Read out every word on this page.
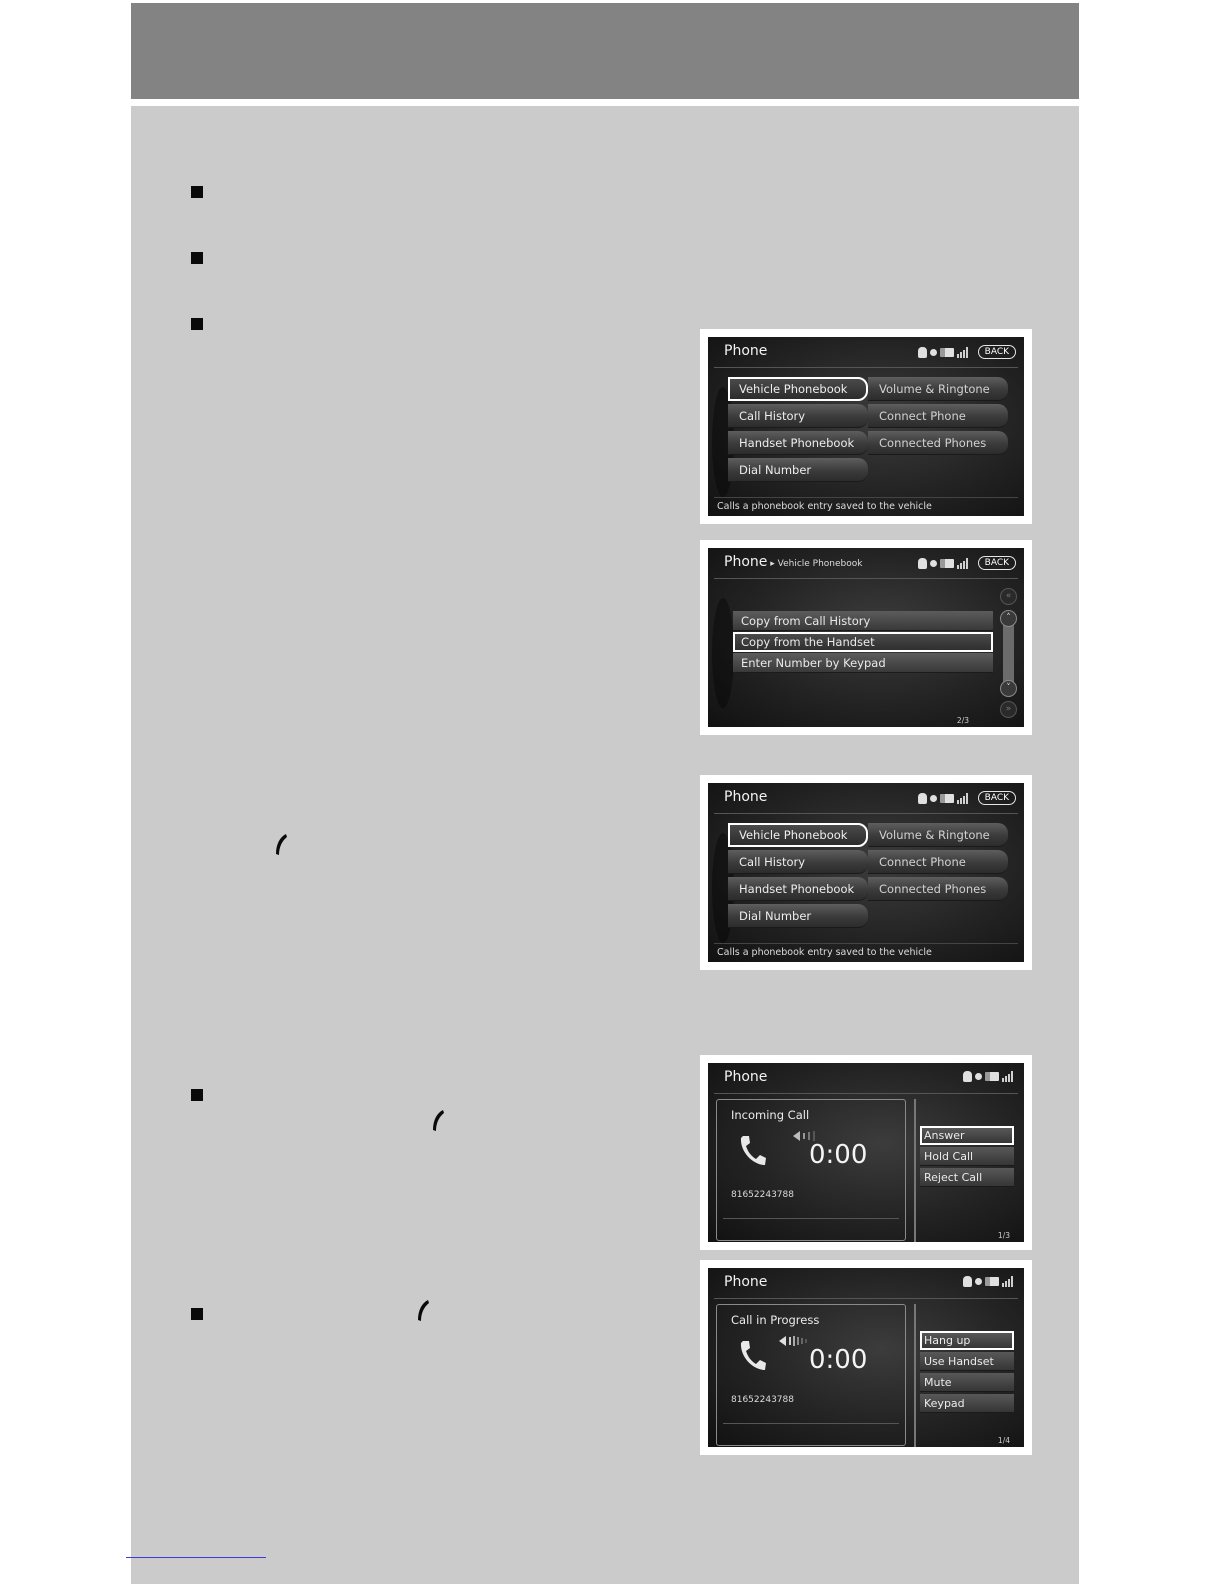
Phone	BACK
Vehicle Phonebook
Call History
Handset Phonebook
Dial Number
Volume & Ringtone
Connect Phone
Connected Phones
Calls a phonebook entry saved to the vehicle
Phone ▸ Vehicle Phonebook	BACK
Copy from Call History
Copy from the Handset
Enter Number by Keypad
«
˄
˅
»
2/3
Phone	BACK
Vehicle Phonebook
Call History
Handset Phonebook
Dial Number
Volume & Ringtone
Connect Phone
Connected Phones
Calls a phonebook entry saved to the vehicle
Phone
Incoming Call
0:00
81652243788
Answer
Hold Call
Reject Call
1/3
Phone
Call in Progress
0:00
81652243788
Hang up
Use Handset
Mute
Keypad
1/4
